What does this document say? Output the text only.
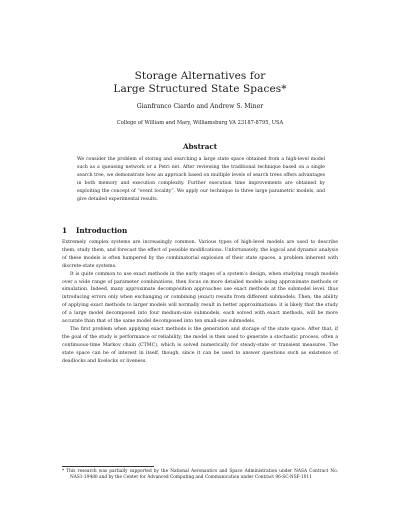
Storage Alternatives for
Large Structured State Spaces*
Gianfranco Ciardo and Andrew S. Miner
College of William and Mary, Williamsburg VA 23187-8795, USA
Abstract
We consider the problem of storing and searching a large state space obtained from a high-level model such as a queueing network or a Petri net. After reviewing the traditional technique based on a single search tree, we demonstrate how an approach based on multiple levels of search trees offers advantages in both memory and execution complexity. Further execution time improvements are obtained by exploiting the concept of “event locality”. We apply our technique to three large parametric models, and give detailed experimental results.
1 Introduction

Extremely complex systems are increasingly common. Various types of high-level models are used to describe them, study them, and forecast the effect of possible modifications. Unfortunately, the logical and dynamic analysis of these models is often hampered by the combinatorial explosion of their state spaces, a problem inherent with discrete-state systems.

It is quite common to use exact methods in the early stages of a system’s design, when studying rough models over a wide range of parameter combinations, then focus on more detailed models using approximate methods or simulation. Indeed, many approximate decomposition approaches use exact methods at the submodel level, thus introducing errors only when exchanging or combining (exact) results from different submodels. Then, the ability of applying exact methods to larger models will normally result in better approximations: it is likely that the study of a large model decomposed into four medium-size submodels, each solved with exact methods, will be more accurate than that of the same model decomposed into ten small-size submodels.

The first problem when applying exact methods is the generation and storage of the state space. After that, if the goal of the study is performance or reliability, the model is then used to generate a stochastic process, often a continuous-time Markov chain (CTMC), which is solved numerically for steady-state or transient measures. The state space can be of interest in itself, though, since it can be used to answer questions such as existence of deadlocks and livelocks or liveness.

* This research was partially supported by the National Aeronautics and Space Administration under NASA Contract No. NAS1-19480 and by the Center for Advanced Computing and Communication under Contract 96-SC-NSF-1011
